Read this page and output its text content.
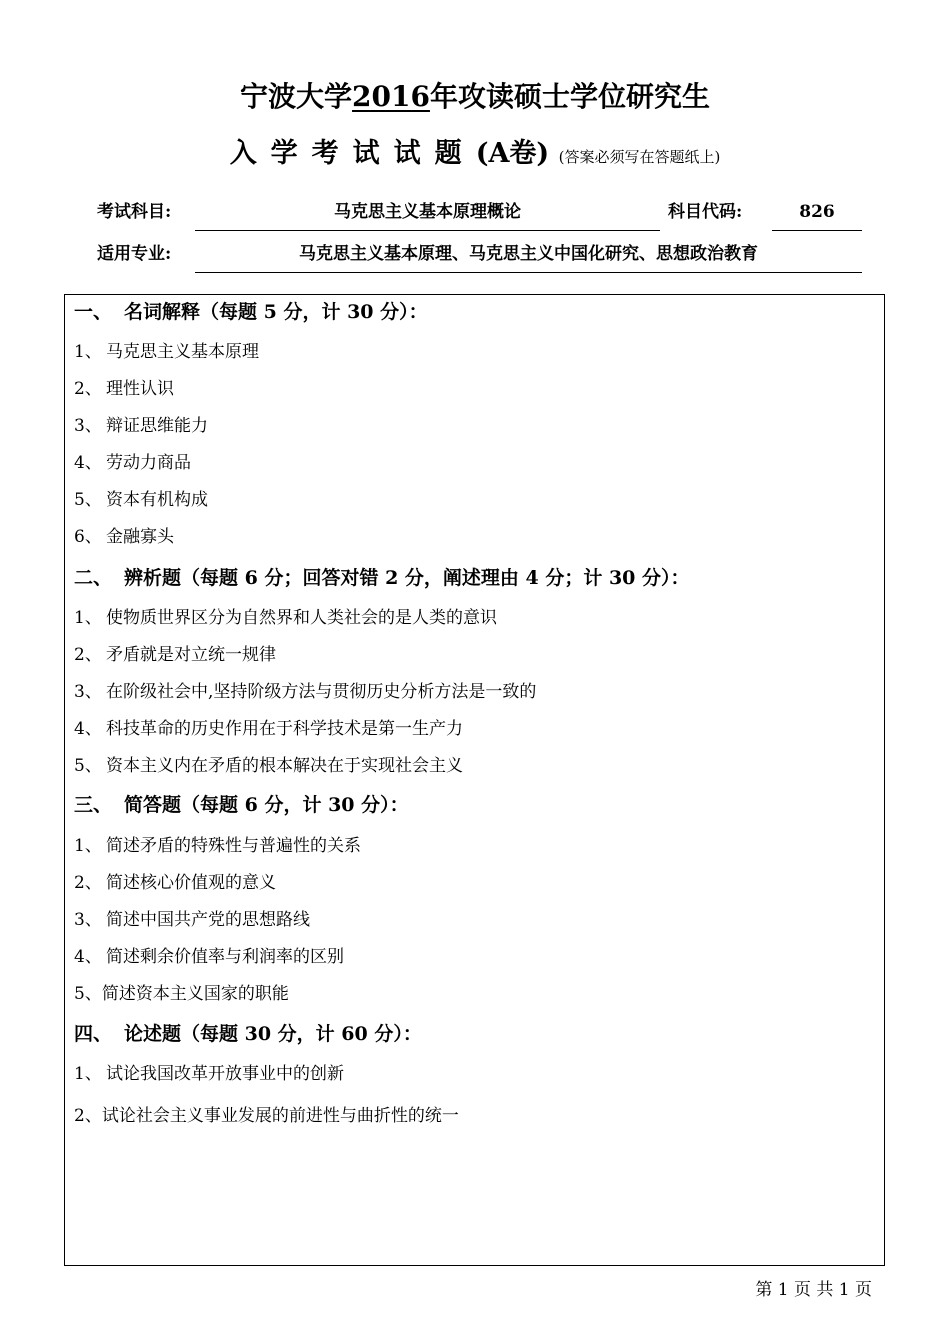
宁波大学2016年攻读硕士学位研究生
入学考试试题(A卷) (答案必须写在答题纸上)
考试科目:	马克思主义基本原理概论	科目代码:	826
适用专业:	马克思主义基本原理、马克思主义中国化研究、思想政治教育
一、 名词解释（每题 5 分，计 30 分）：
1、 马克思主义基本原理
2、 理性认识
3、 辩证思维能力
4、 劳动力商品
5、 资本有机构成
6、 金融寡头
二、 辨析题（每题 6 分；回答对错 2 分，阐述理由 4 分；计 30 分）：
1、 使物质世界区分为自然界和人类社会的是人类的意识
2、 矛盾就是对立统一规律
3、 在阶级社会中,坚持阶级方法与贯彻历史分析方法是一致的
4、 科技革命的历史作用在于科学技术是第一生产力
5、 资本主义内在矛盾的根本解决在于实现社会主义
三、 简答题（每题 6 分，计 30 分）：
1、 简述矛盾的特殊性与普遍性的关系
2、 简述核心价值观的意义
3、 简述中国共产党的思想路线
4、 简述剩余价值率与利润率的区别
5、简述资本主义国家的职能
四、 论述题（每题 30 分，计 60 分）：
1、 试论我国改革开放事业中的创新
2、试论社会主义事业发展的前进性与曲折性的统一
第 1 页 共 1 页
